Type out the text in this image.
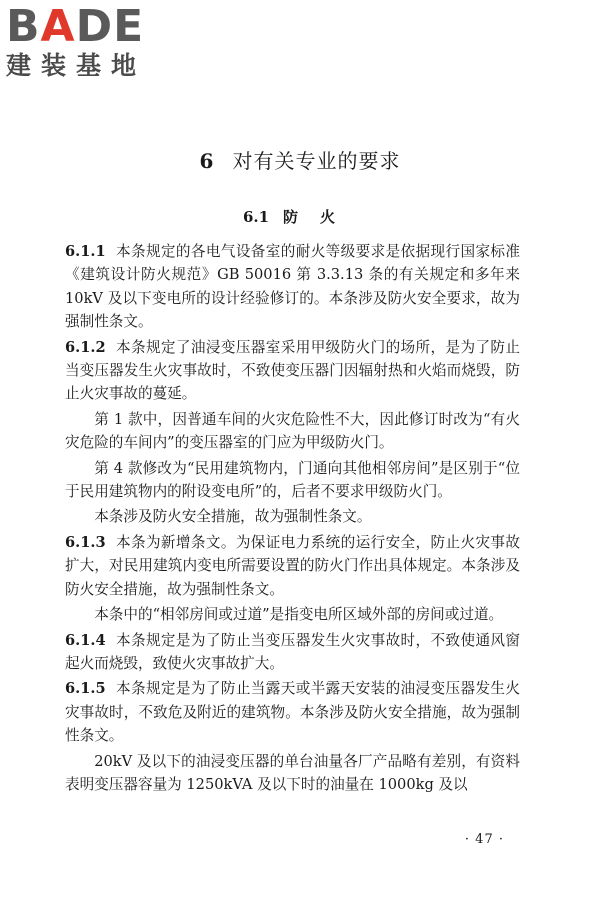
BADE
建装基地
6 对有关专业的要求
6.1 防火

6.1.1 本条规定的各电气设备室的耐火等级要求是依据现行国家标准《建筑设计防火规范》GB 50016 第 3.3.13 条的有关规定和多年来 10kV 及以下变电所的设计经验修订的。本条涉及防火安全要求，故为强制性条文。

6.1.2 本条规定了油浸变压器室采用甲级防火门的场所，是为了防止当变压器发生火灾事故时，不致使变压器门因辐射热和火焰而烧毁，防止火灾事故的蔓延。

第 1 款中，因普通车间的火灾危险性不大，因此修订时改为“有火灾危险的车间内”的变压器室的门应为甲级防火门。

第 4 款修改为“民用建筑物内，门通向其他相邻房间”是区别于“位于民用建筑物内的附设变电所”的，后者不要求甲级防火门。

本条涉及防火安全措施，故为强制性条文。

6.1.3 本条为新增条文。为保证电力系统的运行安全，防止火灾事故扩大，对民用建筑内变电所需要设置的防火门作出具体规定。本条涉及防火安全措施，故为强制性条文。

本条中的“相邻房间或过道”是指变电所区域外部的房间或过道。

6.1.4 本条规定是为了防止当变压器发生火灾事故时，不致使通风窗起火而烧毁，致使火灾事故扩大。

6.1.5 本条规定是为了防止当露天或半露天安装的油浸变压器发生火灾事故时，不致危及附近的建筑物。本条涉及防火安全措施，故为强制性条文。

20kV 及以下的油浸变压器的单台油量各厂产品略有差别，有资料表明变压器容量为 1250kVA 及以下时的油量在 1000kg 及以

· 47 ·
